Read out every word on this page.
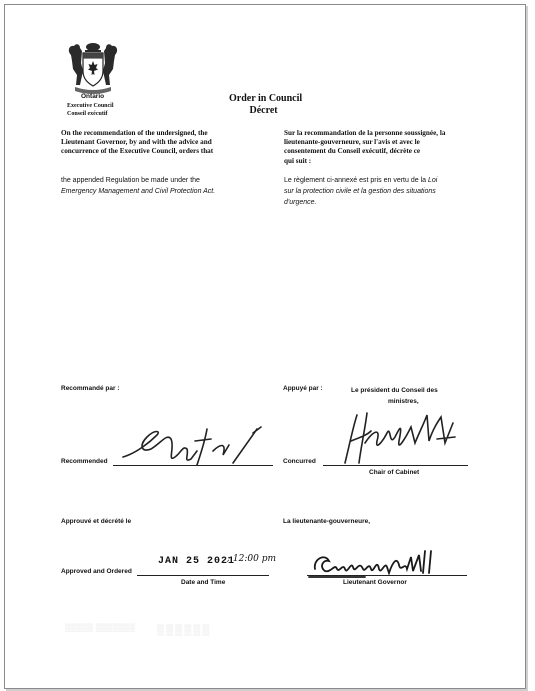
Ontario
Executive Council
Conseil exécutif
Order in Council
Décret
On the recommendation of the undersigned, the
Lieutenant Governor, by and with the advice and
concurrence of the Executive Council, orders that
Sur la recommandation de la personne soussignée, la
lieutenante-gouverneure, sur l'avis et avec le
consentement du Conseil exécutif, décrète ce
qui suit :
the appended Regulation be made under the
Emergency Management and Civil Protection Act.
Le règlement ci-annexé est pris en vertu de la Loi
sur la protection civile et la gestion des situations
d'urgence.
Recommandé par :	Appuyé par :	Le président du Conseil des
ministres,
Recommended	Concurred
Chair of Cabinet
Approuvé et décrété le	La lieutenante-gouverneure,
JAN 25 2021
; 12:00 pm
Approved and Ordered
Date and Time	Lieutenant Governor
▒▒▒▒▒ ▒▒▒▒▒▒▒ ▒▒▒▒▒▒
